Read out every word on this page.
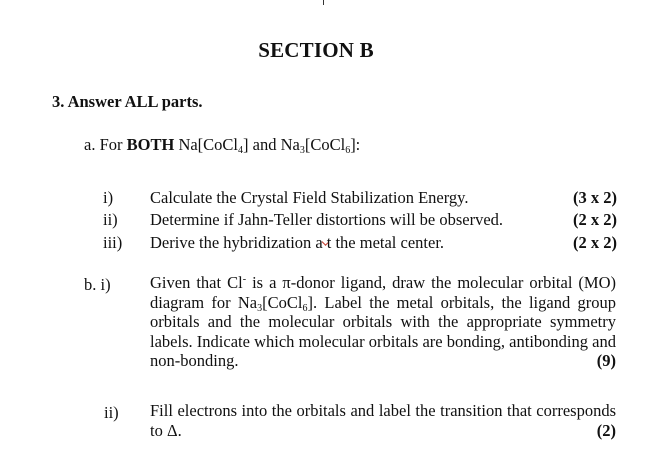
SECTION B
3. Answer ALL parts.
a. For BOTH Na[CoCl$_4$] and $Na_3[CoCl_6]$:
i) Calculate the Crystal Field Stabilization Energy.	(3 x 2)
ii) Determine if Jahn-Teller distortions will be observed.	(2 x 2)
iii) Derive the hybridization a t the metal center.	(2 x 2)
b. i) Given that Cl- is a π-donor ligand, draw the molecular orbital (MO) diagram for $Na_3[CoCl_6]$. Label the metal orbitals, the ligand group orbitals and the molecular orbitals with the appropriate symmetry labels. Indicate which molecular orbitals are bonding, antibonding and non-bonding.	(9)
ii) Fill electrons into the orbitals and label the transition that corresponds to Δ.	(2)
